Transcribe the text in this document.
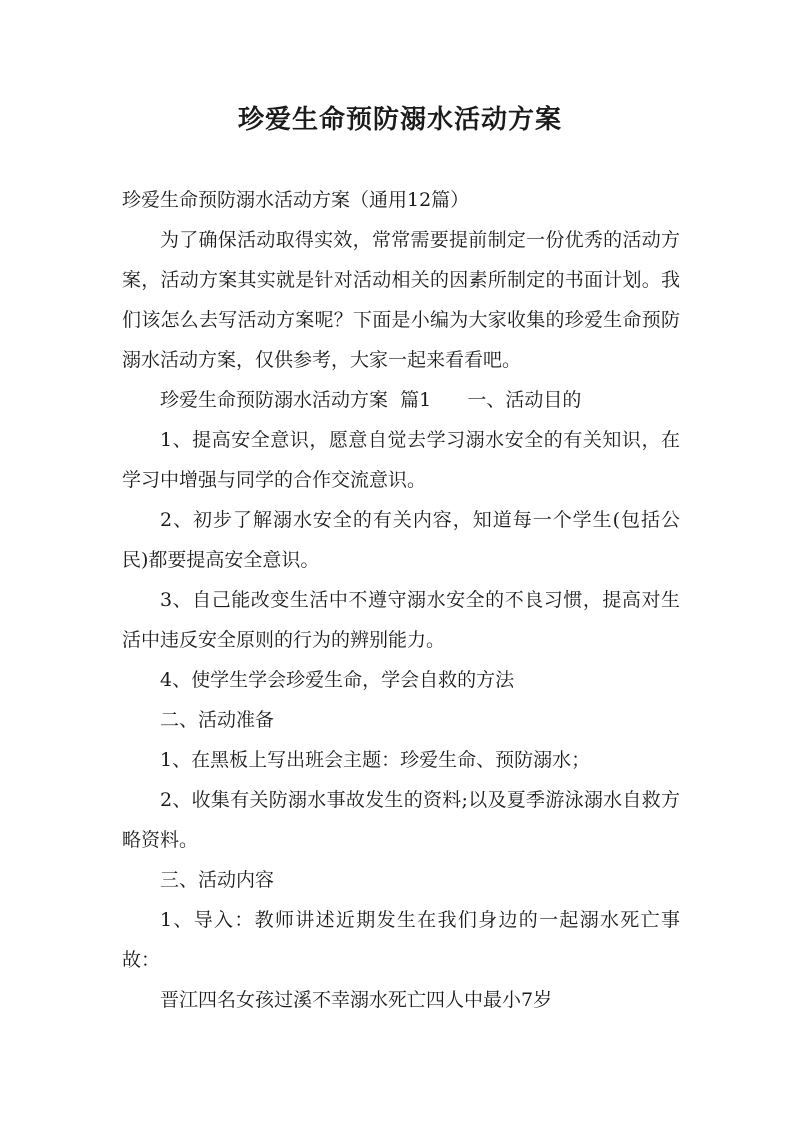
珍爱生命预防溺水活动方案

珍爱生命预防溺水活动方案（通用12篇）

为了确保活动取得实效，常常需要提前制定一份优秀的活动方案，活动方案其实就是针对活动相关的因素所制定的书面计划。我们该怎么去写活动方案呢？下面是小编为大家收集的珍爱生命预防溺水活动方案，仅供参考，大家一起来看看吧。

珍爱生命预防溺水活动方案  篇1      一、活动目的

1、提高安全意识，愿意自觉去学习溺水安全的有关知识，在学习中增强与同学的合作交流意识。

2、初步了解溺水安全的有关内容，知道每一个学生(包括公民)都要提高安全意识。

3、自己能改变生活中不遵守溺水安全的不良习惯，提高对生活中违反安全原则的行为的辨别能力。

4、使学生学会珍爱生命，学会自救的方法

二、活动准备

1、在黑板上写出班会主题：珍爱生命、预防溺水；

2、收集有关防溺水事故发生的资料;以及夏季游泳溺水自救方略资料。

三、活动内容

1、导入：教师讲述近期发生在我们身边的一起溺水死亡事故：

晋江四名女孩过溪不幸溺水死亡四人中最小7岁
